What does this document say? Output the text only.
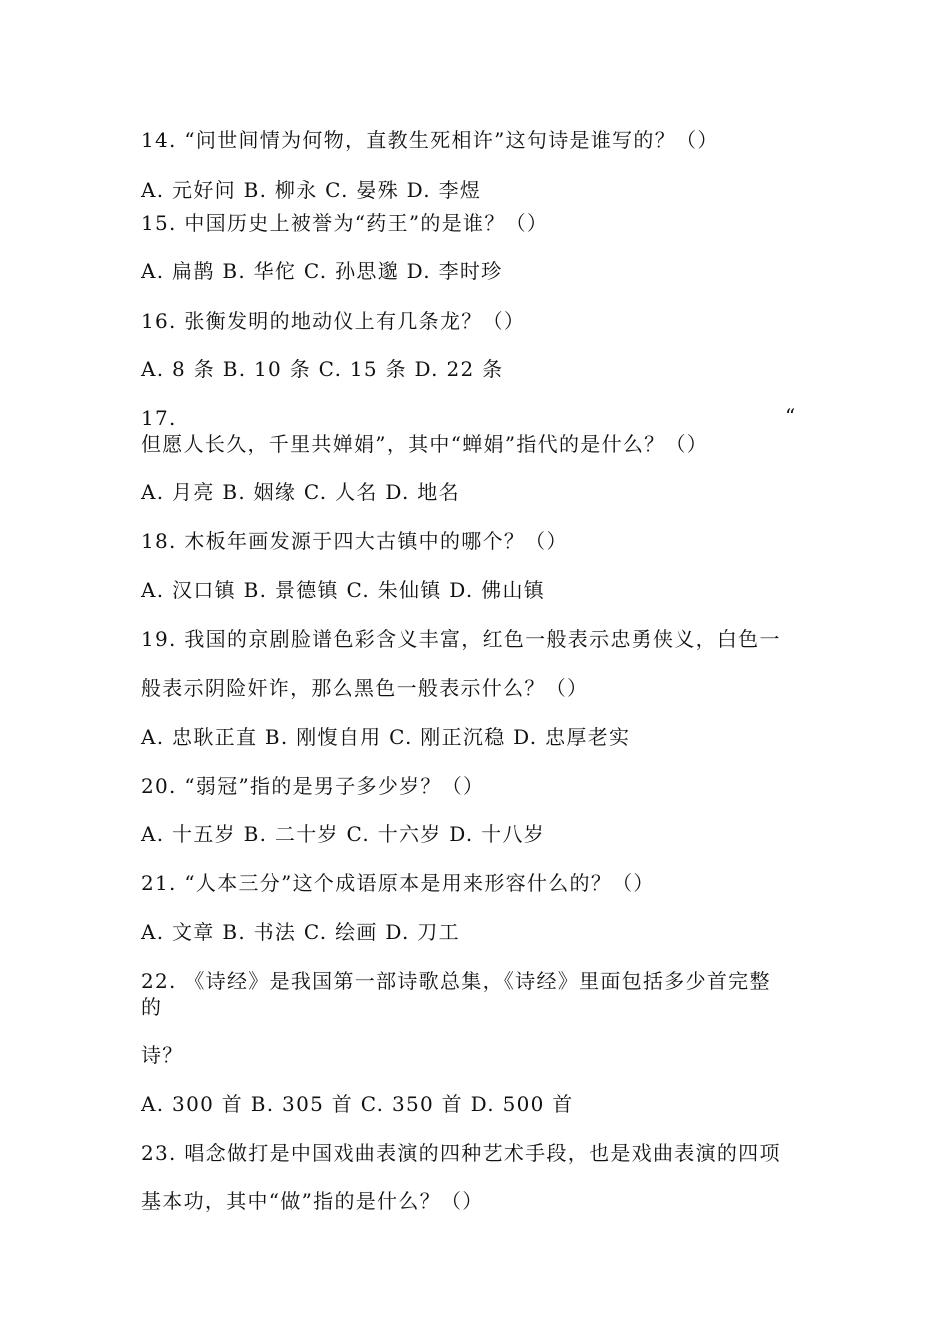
14. “问世间情为何物，直教生死相许”这句诗是谁写的？（）
A. 元好问 B. 柳永 C. 晏殊 D. 李煜
15. 中国历史上被誉为“药王”的是谁？（）
A. 扁鹊 B. 华佗 C. 孙思邈 D. 李时珍
16. 张衡发明的地动仪上有几条龙？（）
A. 8 条 B. 10 条 C. 15 条 D. 22 条
17.	“
但愿人长久，千里共婵娟”，其中“蝉娟”指代的是什么？（）
A. 月亮 B. 姻缘 C. 人名 D. 地名
18. 木板年画发源于四大古镇中的哪个？（）
A. 汉口镇 B. 景德镇 C. 朱仙镇 D. 佛山镇
19. 我国的京剧脸谱色彩含义丰富，红色一般表示忠勇侠义，白色一
般表示阴险奸诈，那么黑色一般表示什么？（）
A. 忠耿正直 B. 刚愎自用 C. 刚正沉稳 D. 忠厚老实
20. “弱冠”指的是男子多少岁？（）
A. 十五岁 B. 二十岁 C. 十六岁 D. 十八岁
21. “人本三分”这个成语原本是用来形容什么的？（）
A. 文章 B. 书法 C. 绘画 D. 刀工
22. 《诗经》是我国第一部诗歌总集，《诗经》里面包括多少首完整
的
诗？
A. 300 首 B. 305 首 C. 350 首 D. 500 首
23. 唱念做打是中国戏曲表演的四种艺术手段，也是戏曲表演的四项
基本功，其中“做”指的是什么？（）
